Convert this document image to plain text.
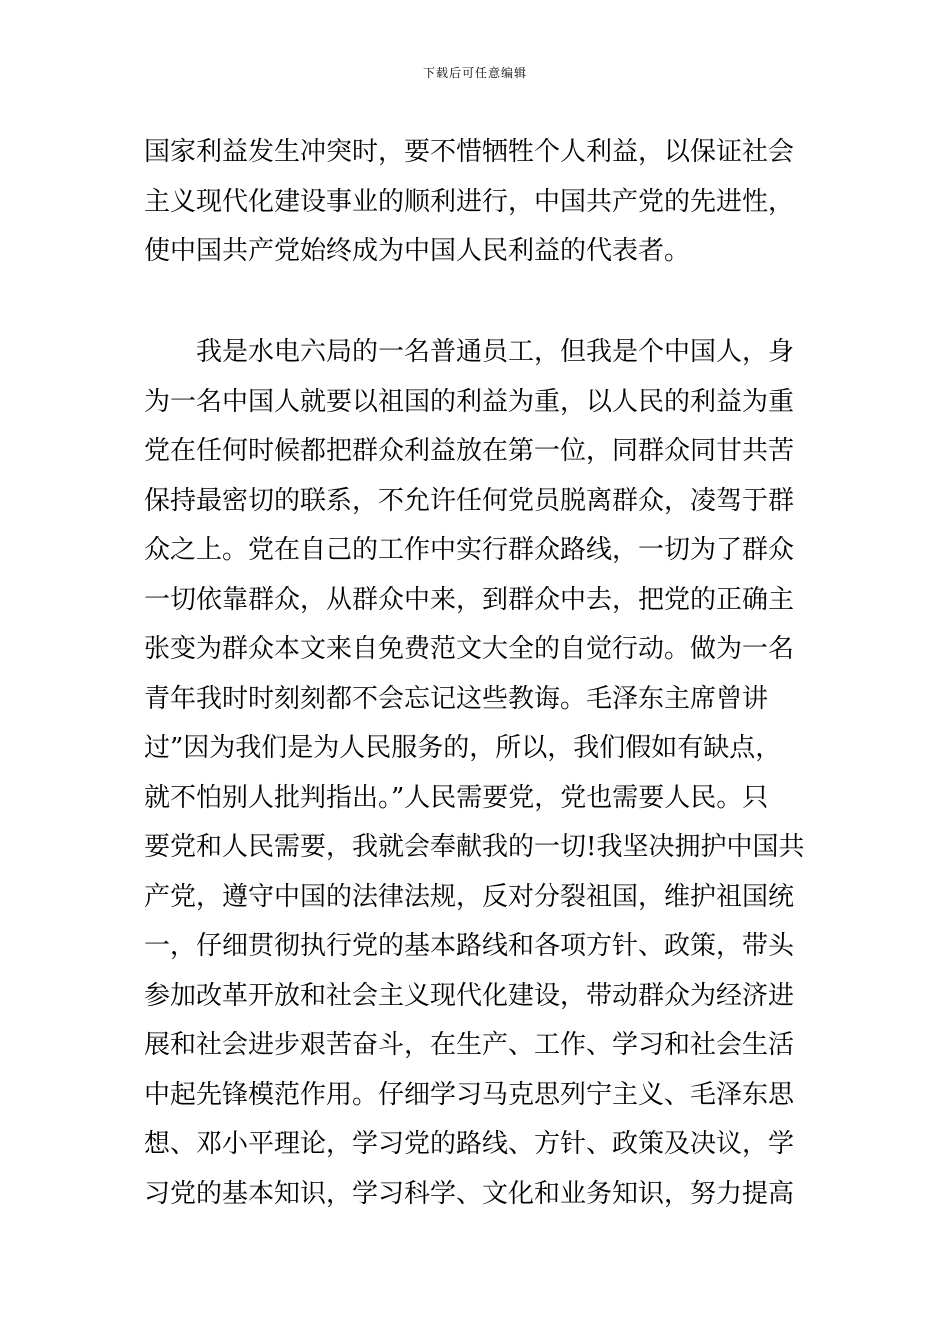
下载后可任意编辑
国家利益发生冲突时，要不惜牺牲个人利益，以保证社会
主义现代化建设事业的顺利进行，中国共产党的先进性，
使中国共产党始终成为中国人民利益的代表者。
我是水电六局的一名普通员工，但我是个中国人，身
为一名中国人就要以祖国的利益为重，以人民的利益为重
党在任何时候都把群众利益放在第一位，同群众同甘共苦
保持最密切的联系，不允许任何党员脱离群众，凌驾于群
众之上。党在自己的工作中实行群众路线，一切为了群众
一切依靠群众，从群众中来，到群众中去，把党的正确主
张变为群众本文来自免费范文大全的自觉行动。做为一名
青年我时时刻刻都不会忘记这些教诲。毛泽东主席曾讲
过”因为我们是为人民服务的，所以，我们假如有缺点，
就不怕别人批判指出。”人民需要党，党也需要人民。只
要党和人民需要，我就会奉献我的一切!我坚决拥护中国共
产党，遵守中国的法律法规，反对分裂祖国，维护祖国统
一，仔细贯彻执行党的基本路线和各项方针、政策，带头
参加改革开放和社会主义现代化建设，带动群众为经济进
展和社会进步艰苦奋斗，在生产、工作、学习和社会生活
中起先锋模范作用。仔细学习马克思列宁主义、毛泽东思
想、邓小平理论，学习党的路线、方针、政策及决议，学
习党的基本知识，学习科学、文化和业务知识，努力提高
